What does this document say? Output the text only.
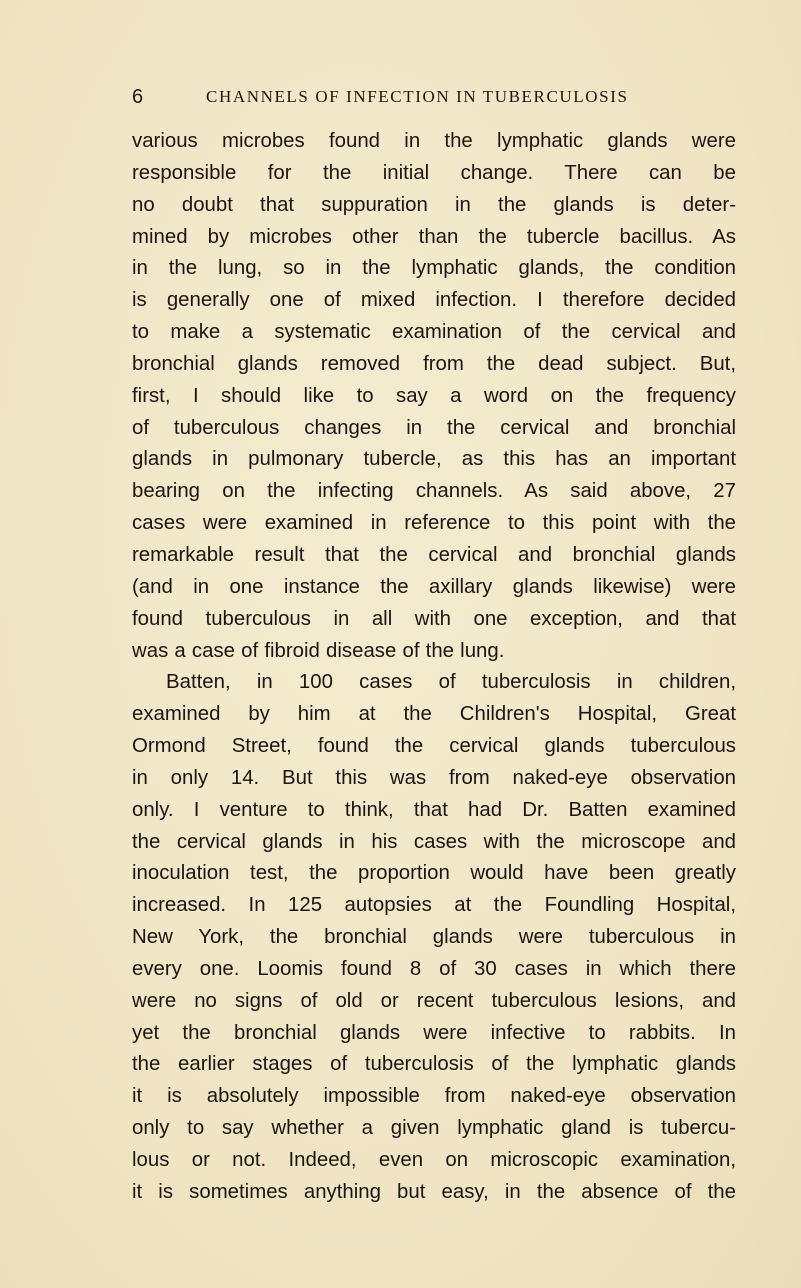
6	CHANNELS OF INFECTION IN TUBERCULOSIS
various microbes found in the lymphatic glands were
responsible for the initial change. There can be
no doubt that suppuration in the glands is deter-
mined by microbes other than the tubercle bacillus. As
in the lung, so in the lymphatic glands, the condition
is generally one of mixed infection. I therefore decided
to make a systematic examination of the cervical and
bronchial glands removed from the dead subject. But,
first, I should like to say a word on the frequency
of tuberculous changes in the cervical and bronchial
glands in pulmonary tubercle, as this has an important
bearing on the infecting channels. As said above, 27
cases were examined in reference to this point with the
remarkable result that the cervical and bronchial glands
(and in one instance the axillary glands likewise) were
found tuberculous in all with one exception, and that
was a case of fibroid disease of the lung.
Batten, in 100 cases of tuberculosis in children,
examined by him at the Children's Hospital, Great
Ormond Street, found the cervical glands tuberculous
in only 14. But this was from naked-eye observation
only. I venture to think, that had Dr. Batten examined
the cervical glands in his cases with the microscope and
inoculation test, the proportion would have been greatly
increased. In 125 autopsies at the Foundling Hospital,
New York, the bronchial glands were tuberculous in
every one. Loomis found 8 of 30 cases in which there
were no signs of old or recent tuberculous lesions, and
yet the bronchial glands were infective to rabbits. In
the earlier stages of tuberculosis of the lymphatic glands
it is absolutely impossible from naked-eye observation
only to say whether a given lymphatic gland is tubercu-
lous or not. Indeed, even on microscopic examination,
it is sometimes anything but easy, in the absence of the
